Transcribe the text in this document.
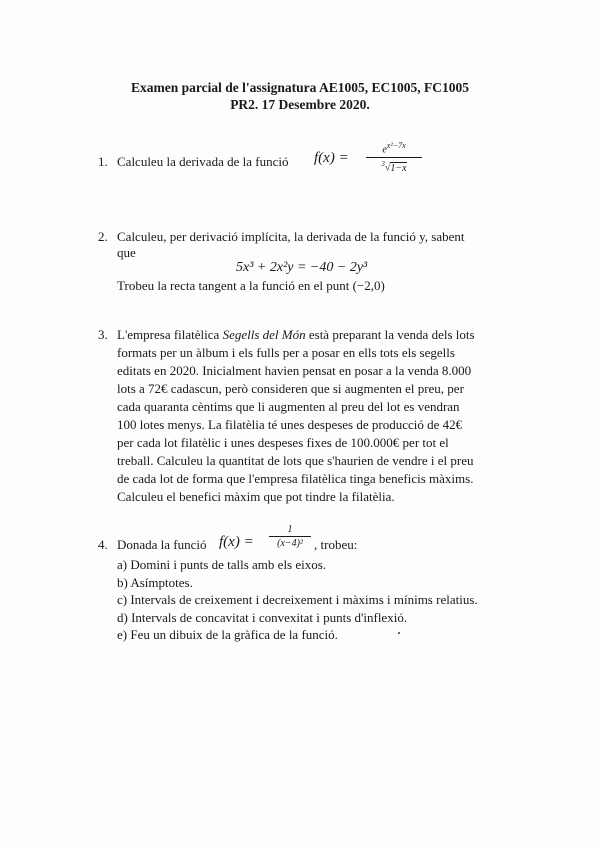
Examen parcial de l'assignatura AE1005, EC1005, FC1005
PR2. 17 Desembre 2020.
1. Calculeu la derivada de la funció f(x) =
$e^{x^2-7x}$
$^3$√1−x
2. Calculeu, per derivació implícita, la derivada de la funció y, sabent
que
5x³ + 2x²y = −40 − 2y³
Trobeu la recta tangent a la funció en el punt (−2,0)
3. L'empresa filatèlica Segells del Món està preparant la venda dels lots
formats per un àlbum i els fulls per a posar en ells tots els segells
editats en 2020. Inicialment havien pensat en posar a la venda 8.000
lots a 72€ cadascun, però consideren que si augmenten el preu, per
cada quaranta cèntims que li augmenten al preu del lot es vendran
100 lotes menys. La filatèlia té unes despeses de producció de 42€
per cada lot filatèlic i unes despeses fixes de 100.000€ per tot el
treball. Calculeu la quantitat de lots que s'haurien de vendre i el preu
de cada lot de forma que l'empresa filatèlica tinga beneficis màxims.
Calculeu el benefici màxim que pot tindre la filatèlia.
4. Donada la funció $f(x) = \frac{1}{\text{(x−4)²}}$ , trobeu:
a) Domini i punts de talls amb els eixos.
b) Asímptotes.
c) Intervals de creixement i decreixement i màxims i mínims relatius.
d) Intervals de concavitat i convexitat i punts d'inflexió.
e) Feu un dibuix de la gràfica de la funció.
